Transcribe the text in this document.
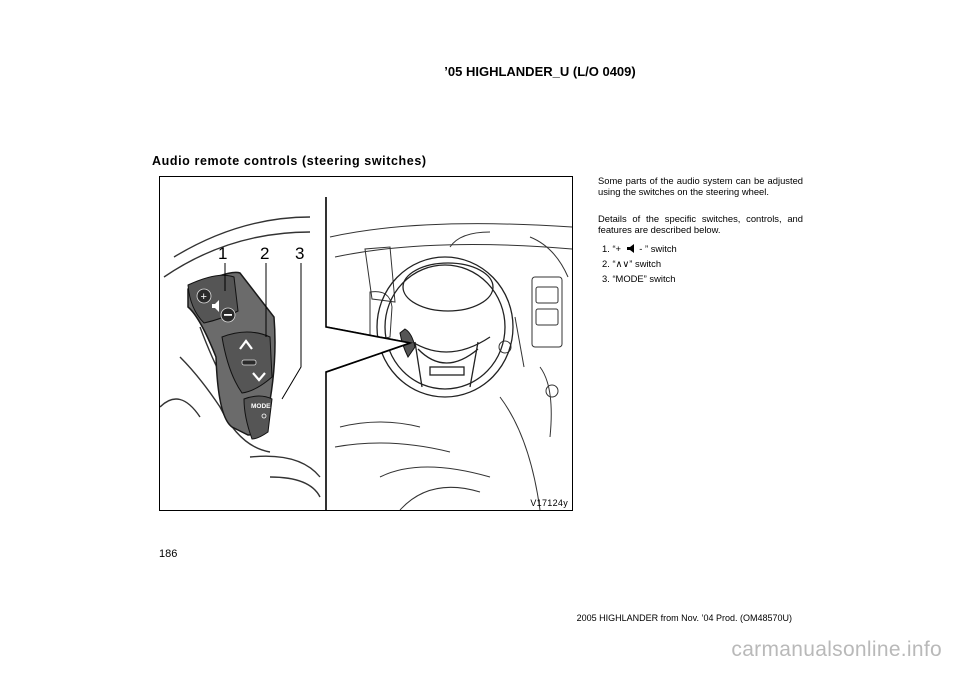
’05 HIGHLANDER_U (L/O 0409)
Audio remote controls (steering switches)
+
MODE
1 2 3
V17124y
Some parts of the audio system can be adjusted using the switches on the steering wheel.
Details of the specific switches, controls, and features are described below.
1. “+  - ” switch
2. “∧∨” switch
3. “MODE” switch
186
2005 HIGHLANDER from Nov. ’04 Prod. (OM48570U)
carmanualsonline.info
